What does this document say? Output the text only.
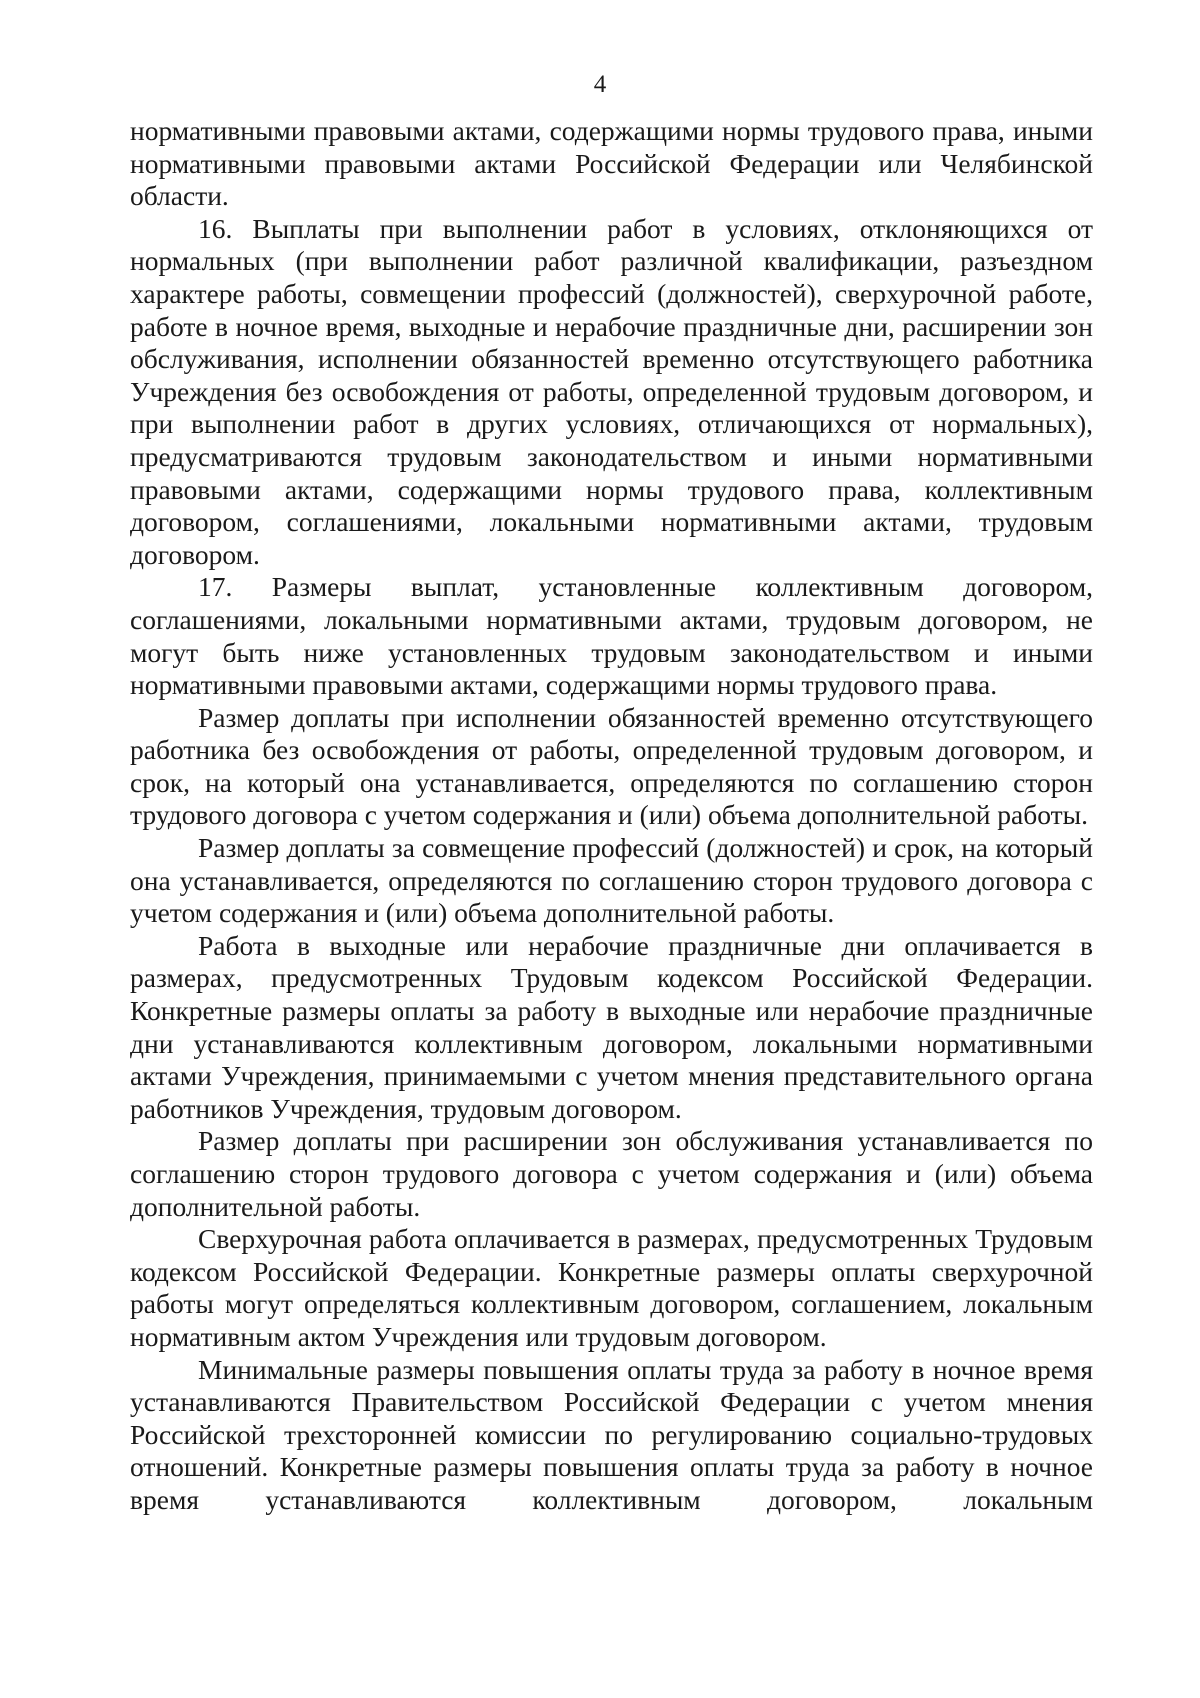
4

нормативными правовыми актами, содержащими нормы трудового права, иными нормативными правовыми актами Российской Федерации или Челябинской области.

16. Выплаты при выполнении работ в условиях, отклоняющихся от нормальных (при выполнении работ различной квалификации, разъездном характере работы, совмещении профессий (должностей), сверхурочной работе, работе в ночное время, выходные и нерабочие праздничные дни, расширении зон обслуживания, исполнении обязанностей временно отсутствующего работника Учреждения без освобождения от работы, определенной трудовым договором, и при выполнении работ в других условиях, отличающихся от нормальных), предусматриваются трудовым законодательством и иными нормативными правовыми актами, содержащими нормы трудового права, коллективным договором, соглашениями, локальными нормативными актами, трудовым договором.

17. Размеры выплат, установленные коллективным договором, соглашениями, локальными нормативными актами, трудовым договором, не могут быть ниже установленных трудовым законодательством и иными нормативными правовыми актами, содержащими нормы трудового права.

Размер доплаты при исполнении обязанностей временно отсутствующего работника без освобождения от работы, определенной трудовым договором, и срок, на который она устанавливается, определяются по соглашению сторон трудового договора с учетом содержания и (или) объема дополнительной работы.

Размер доплаты за совмещение профессий (должностей) и срок, на который она устанавливается, определяются по соглашению сторон трудового договора с учетом содержания и (или) объема дополнительной работы.

Работа в выходные или нерабочие праздничные дни оплачивается в размерах, предусмотренных Трудовым кодексом Российской Федерации. Конкретные размеры оплаты за работу в выходные или нерабочие праздничные дни устанавливаются коллективным договором, локальными нормативными актами Учреждения, принимаемыми с учетом мнения представительного органа работников Учреждения, трудовым договором.

Размер доплаты при расширении зон обслуживания устанавливается по соглашению сторон трудового договора с учетом содержания и (или) объема дополнительной работы.

Сверхурочная работа оплачивается в размерах, предусмотренных Трудовым кодексом Российской Федерации. Конкретные размеры оплаты сверхурочной работы могут определяться коллективным договором, соглашением, локальным нормативным актом Учреждения или трудовым договором.

Минимальные размеры повышения оплаты труда за работу в ночное время устанавливаются Правительством Российской Федерации с учетом мнения Российской трехсторонней комиссии по регулированию социально-трудовых отношений. Конкретные размеры повышения оплаты труда за работу в ночное время устанавливаются коллективным договором, локальным
